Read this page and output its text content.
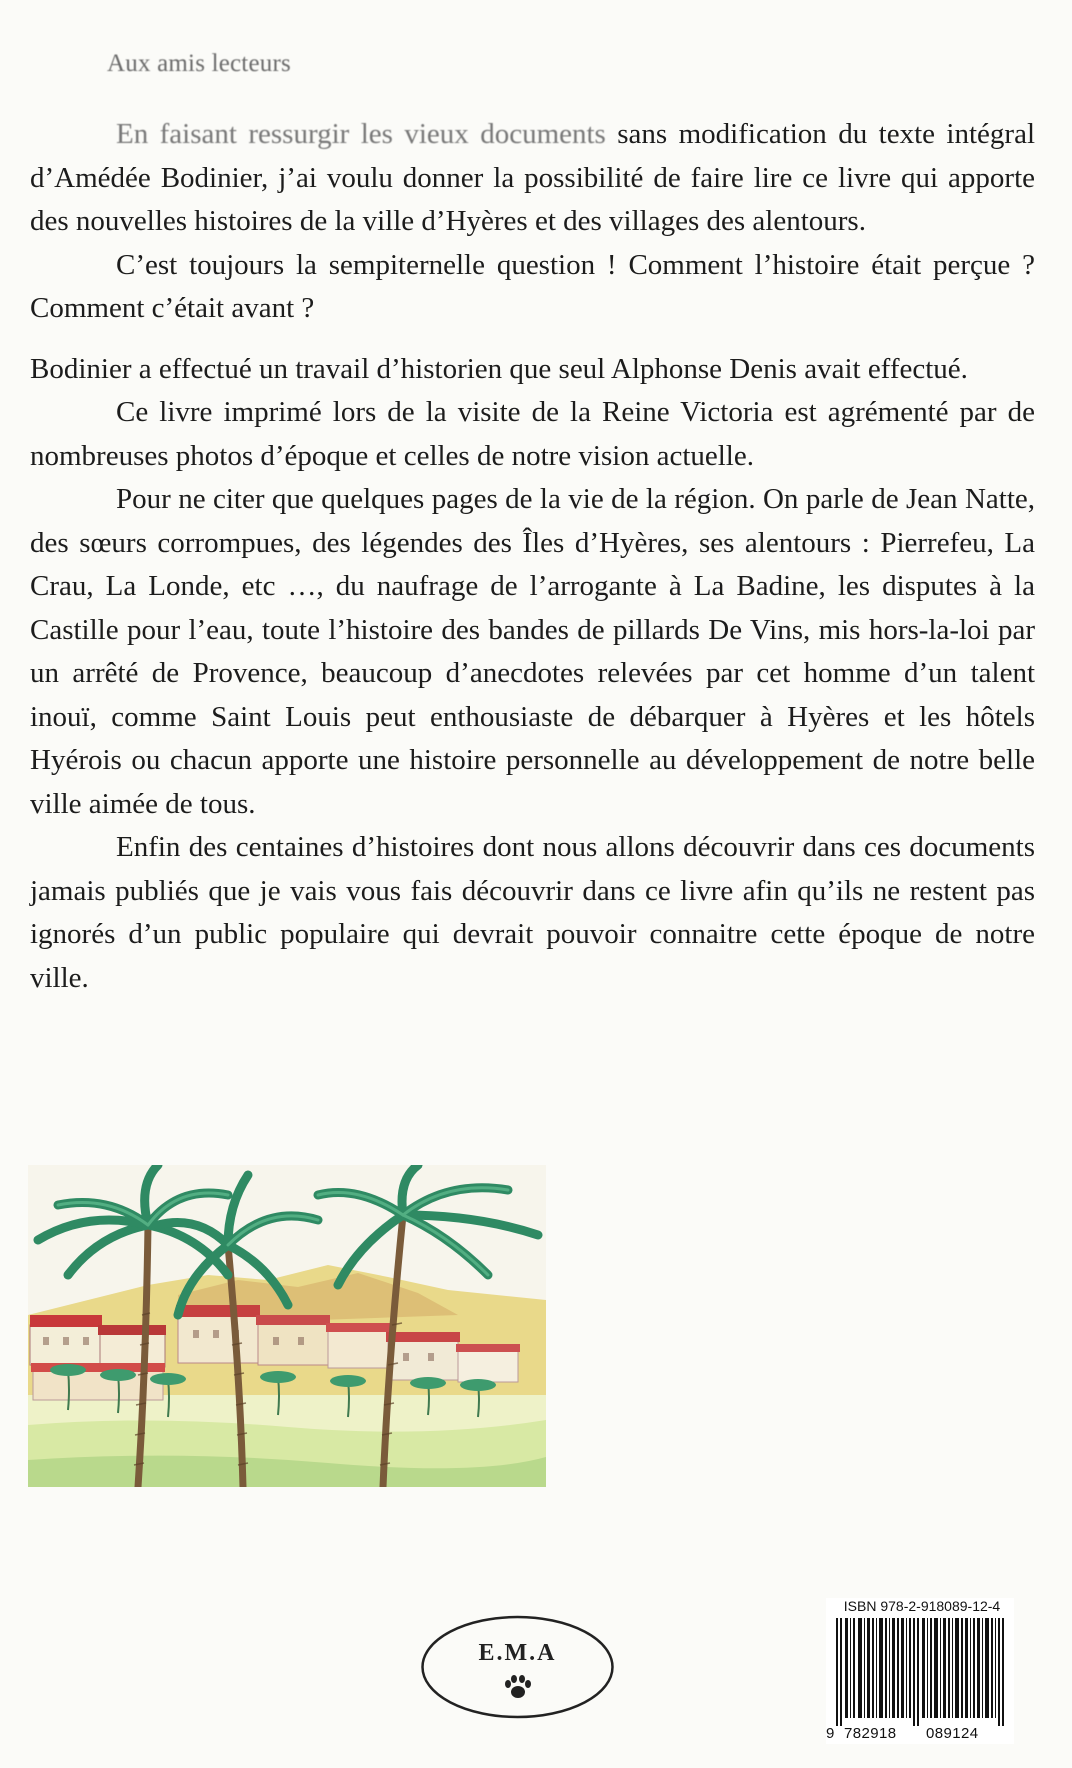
Aux amis lecteurs

En faisant ressurgir les vieux documents sans modification du texte intégral d’Amédée Bodinier, j’ai voulu donner la possibilité de faire lire ce livre qui apporte des nouvelles histoires de la ville d’Hyères et des villages des alentours.

C’est toujours la sempiternelle question ! Comment l’histoire était perçue ? Comment c’était avant ?

Bodinier a effectué un travail d’historien que seul Alphonse Denis avait effectué.

Ce livre imprimé lors de la visite de la Reine Victoria est agrémenté par de nombreuses photos d’époque et celles de notre vision actuelle.

Pour ne citer que quelques pages de la vie de la région. On parle de Jean Natte, des sœurs corrompues, des légendes des Îles d’Hyères, ses alentours : Pierrefeu, La Crau, La Londe, etc …, du naufrage de l’arrogante à La Badine, les disputes à la Castille pour l’eau, toute l’histoire des bandes de pillards De Vins, mis hors-la-loi par un arrêté de Provence, beaucoup d’anecdotes relevées par cet homme d’un talent inouï, comme Saint Louis peut enthousiaste de débarquer à Hyères et les hôtels Hyérois ou chacun apporte une histoire personnelle au développement de notre belle ville aimée de tous.

Enfin des centaines d’histoires dont nous allons découvrir dans ces documents jamais publiés que je vais vous fais découvrir dans ce livre afin qu’ils ne restent pas ignorés d’un public populaire qui devrait pouvoir connaitre cette époque de notre ville.

E.M.A
ISBN 978-2-918089-12-4
9 782918 089124
